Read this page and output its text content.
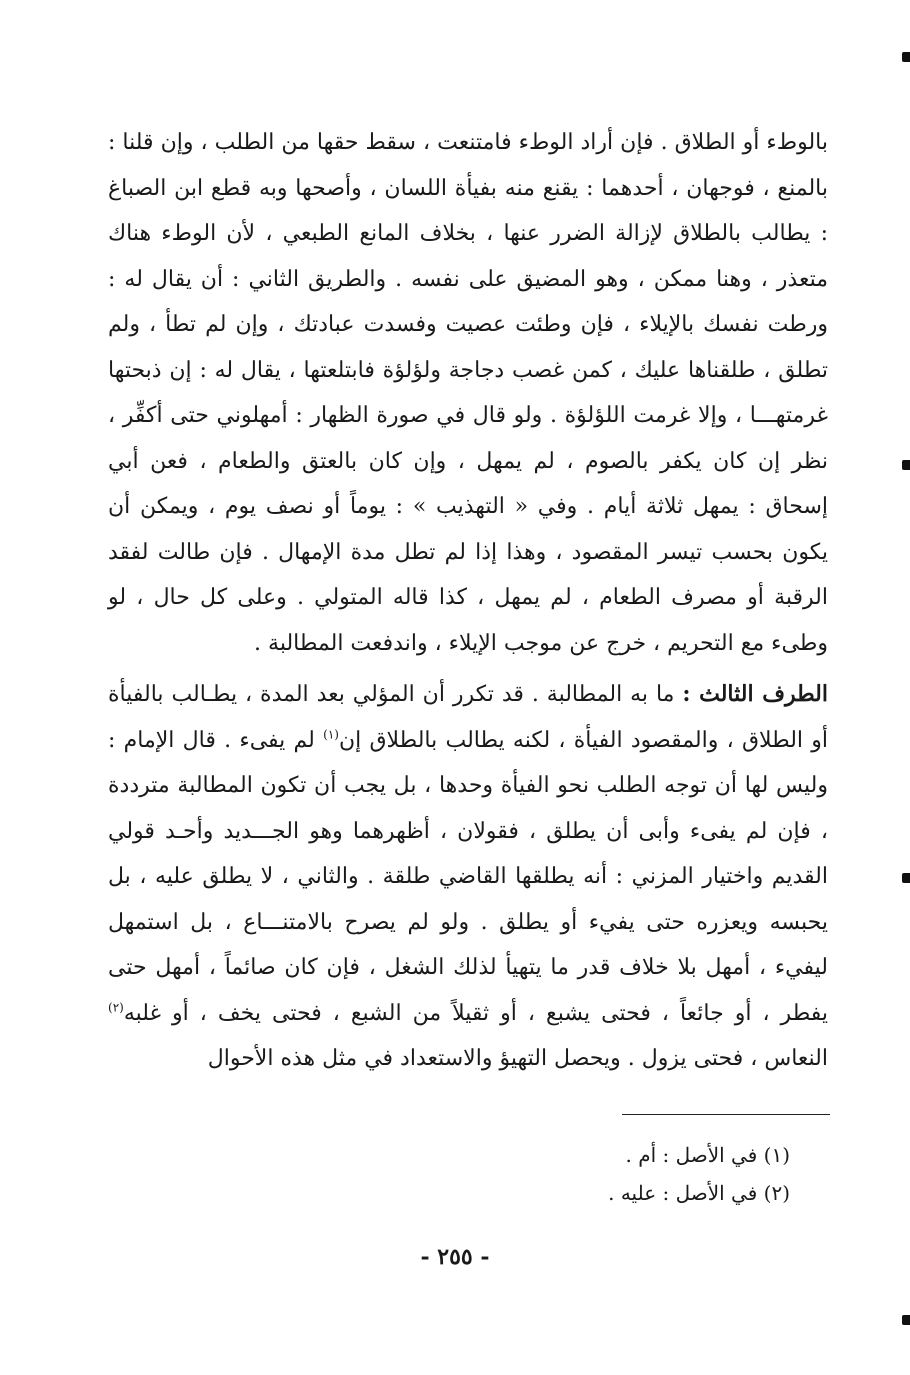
بالوطء أو الطلاق . فإن أراد الوطء فامتنعت ، سقط حقها من الطلب ، وإن قلنا : بالمنع ، فوجهان ، أحدهما : يقنع منه بفيأة اللسان ، وأصحها وبه قطع ابن الصباغ : يطالب بالطلاق لإزالة الضرر عنها ، بخلاف المانع الطبعي ، لأن الوطء هناك متعذر ، وهنا ممكن ، وهو المضيق على نفسه . والطريق الثاني : أن يقال له : ورطت نفسك بالإيلاء ، فإن وطئت عصيت وفسدت عبادتك ، وإن لم تطأ ، ولم تطلق ، طلقناها عليك ، كمن غصب دجاجة ولؤلؤة فابتلعتها ، يقال له : إن ذبحتها غرمتهـــا ، وإلا غرمت اللؤلؤة . ولو قال في صورة الظهار : أمهلوني حتى أكفِّر ، نظر إن كان يكفر بالصوم ، لم يمهل ، وإن كان بالعتق والطعام ، فعن أبي إسحاق : يمهل ثلاثة أيام . وفي « التهذيب » : يوماً أو نصف يوم ، ويمكن أن يكون بحسب تيسر المقصود ، وهذا إذا لم تطل مدة الإمهال . فإن طالت لفقد الرقبة أو مصرف الطعام ، لم يمهل ، كذا قاله المتولي . وعلى كل حال ، لو وطىء مع التحريم ، خرج عن موجب الإيلاء ، واندفعت المطالبة .

الطرف الثالث : ما به المطالبة . قد تكرر أن المؤلي بعد المدة ، يطـالب بالفيأة أو الطلاق ، والمقصود الفيأة ، لكنه يطالب بالطلاق إن$^{(١)}$ لم يفىء . قال الإمام : وليس لها أن توجه الطلب نحو الفيأة وحدها ، بل يجب أن تكون المطالبة مترددة ، فإن لم يفىء وأبى أن يطلق ، فقولان ، أظهرهما وهو الجـــديد وأحـد قولي القديم واختيار المزني : أنه يطلقها القاضي طلقة . والثاني ، لا يطلق عليه ، بل يحبسه ويعزره حتى يفيء أو يطلق . ولو لم يصرح بالامتنـــاع ، بل استمهل ليفيء ، أمهل بلا خلاف قدر ما يتهيأ لذلك الشغل ، فإن كان صائماً ، أمهل حتى يفطر ، أو جائعاً ، فحتى يشبع ، أو ثقيلاً من الشبع ، فحتى يخف ، أو غلبه$^{(٢)}$ النعاس ، فحتى يزول . ويحصل التهيؤ والاستعداد في مثل هذه الأحوال

(١) في الأصل : أم .
(٢) في الأصل : عليه .
- ٢٥٥ -
